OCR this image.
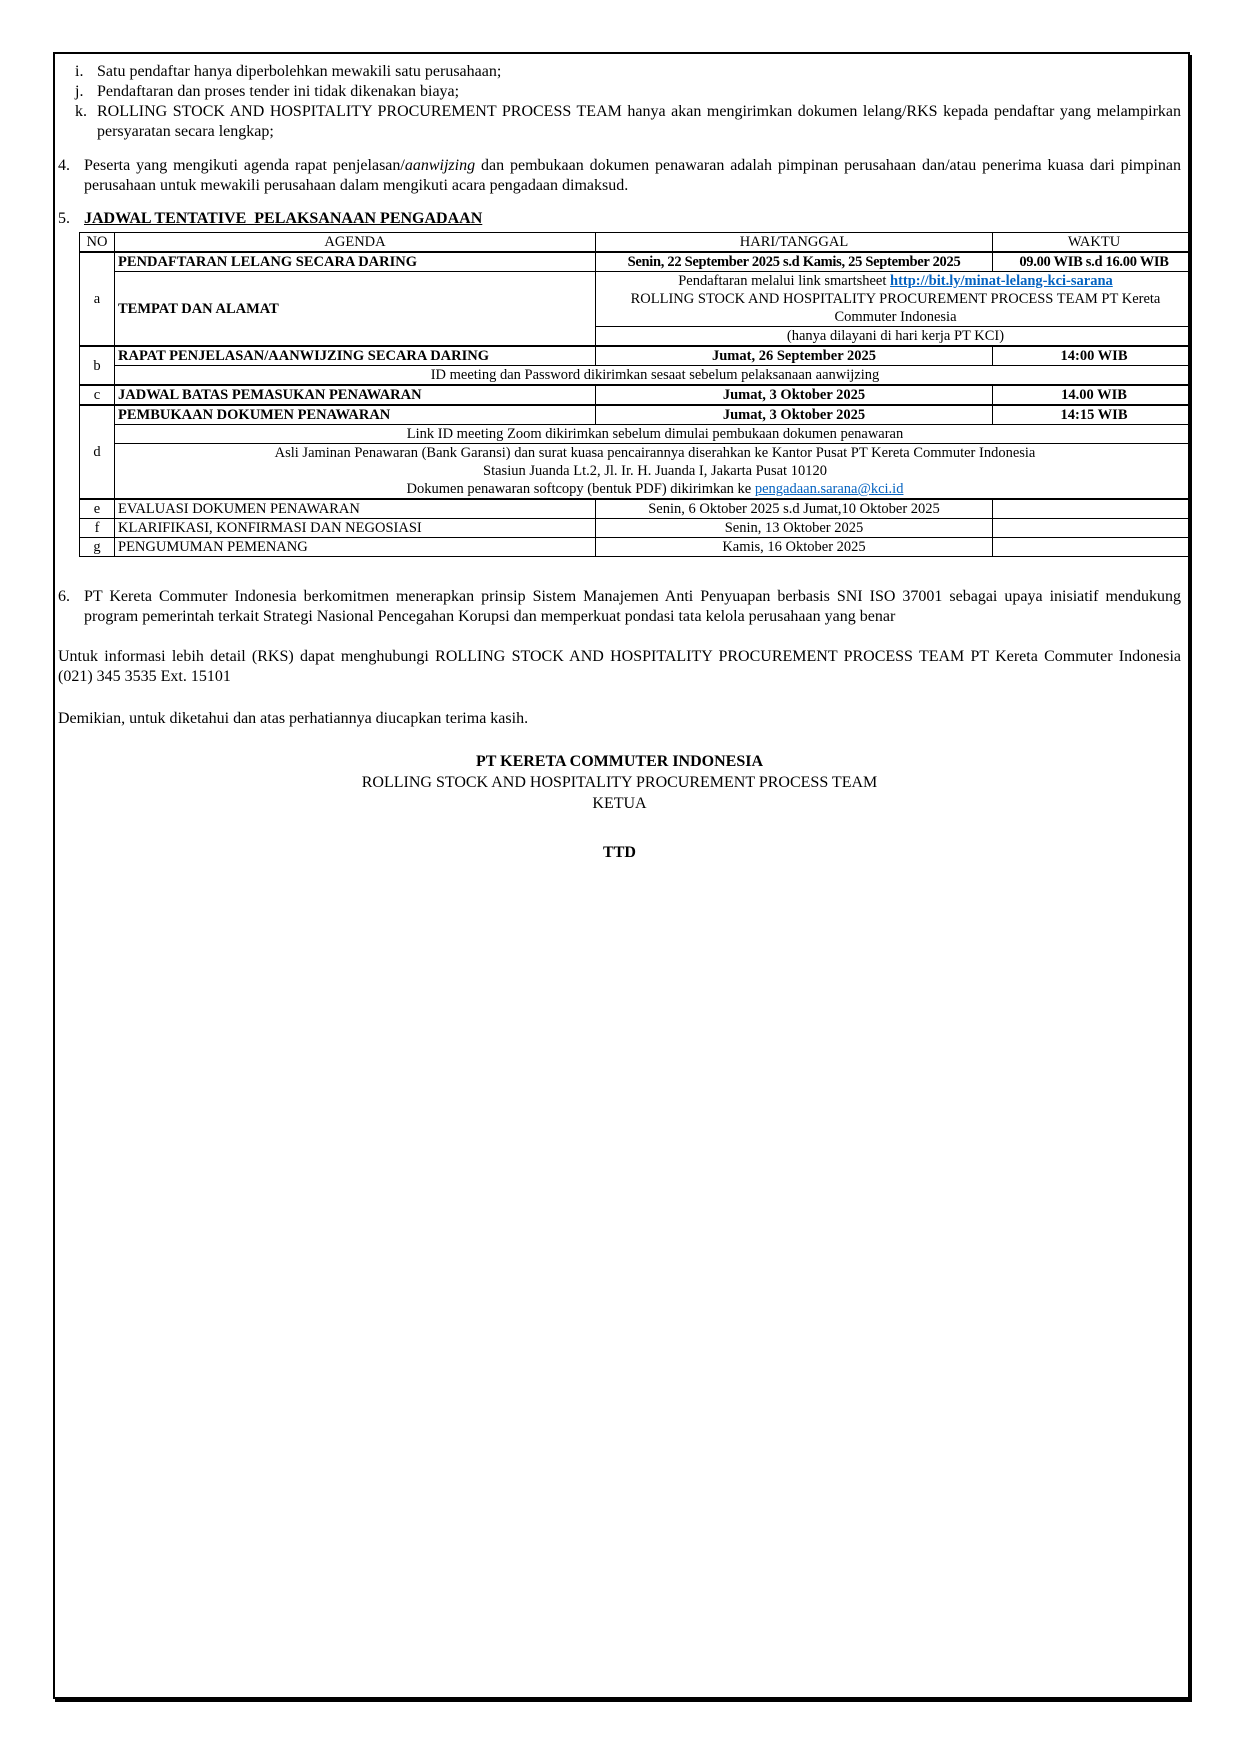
i. Satu pendaftar hanya diperbolehkan mewakili satu perusahaan;
j. Pendaftaran dan proses tender ini tidak dikenakan biaya;
k. ROLLING STOCK AND HOSPITALITY PROCUREMENT PROCESS TEAM hanya akan mengirimkan dokumen lelang/RKS kepada pendaftar yang melampirkan persyaratan secara lengkap;
4. Peserta yang mengikuti agenda rapat penjelasan/aanwijzing dan pembukaan dokumen penawaran adalah pimpinan perusahaan dan/atau penerima kuasa dari pimpinan perusahaan untuk mewakili perusahaan dalam mengikuti acara pengadaan dimaksud.
5. JADWAL TENTATIVE  PELAKSANAAN PENGADAAN
NO	AGENDA	HARI/TANGGAL	WAKTU
a	PENDAFTARAN LELANG SECARA DARING	Senin, 22 September 2025 s.d Kamis, 25 September 2025	09.00 WIB s.d 16.00 WIB
	TEMPAT DAN ALAMAT	Pendaftaran melalui link smartsheet http://bit.ly/minat-lelang-kci-sarana
ROLLING STOCK AND HOSPITALITY PROCUREMENT PROCESS TEAM PT Kereta Commuter Indonesia	

		(hanya dilayani di hari kerja PT KCI)	
b	RAPAT PENJELASAN/AANWIJZING SECARA DARING	Jumat, 26 September 2025	14:00 WIB
	ID meeting dan Password dikirimkan sesaat sebelum pelaksanaan aanwijzing		
c	JADWAL BATAS PEMASUKAN PENAWARAN	Jumat, 3 Oktober 2025	14.00 WIB
d	PEMBUKAAN DOKUMEN PENAWARAN	Jumat, 3 Oktober 2025	14:15 WIB
	Link ID meeting Zoom dikirimkan sebelum dimulai pembukaan dokumen penawaran		

	Asli Jaminan Penawaran (Bank Garansi) dan surat kuasa pencairannya diserahkan ke Kantor Pusat PT Kereta Commuter Indonesia
Stasiun Juanda Lt.2, Jl. Ir. H. Juanda I, Jakarta Pusat 10120
Dokumen penawaran softcopy (bentuk PDF) dikirimkan ke pengadaan.sarana@kci.id		

e	EVALUASI DOKUMEN PENAWARAN	Senin, 6 Oktober 2025 s.d Jumat,10 Oktober 2025	
f	KLARIFIKASI, KONFIRMASI DAN NEGOSIASI	Senin, 13 Oktober 2025	
g	PENGUMUMAN PEMENANG	Kamis, 16 Oktober 2025	
6. PT Kereta Commuter Indonesia berkomitmen menerapkan prinsip Sistem Manajemen Anti Penyuapan berbasis SNI ISO 37001 sebagai upaya inisiatif mendukung program pemerintah terkait Strategi Nasional Pencegahan Korupsi dan memperkuat pondasi tata kelola perusahaan yang benar
Untuk informasi lebih detail (RKS) dapat menghubungi ROLLING STOCK AND HOSPITALITY PROCUREMENT PROCESS TEAM PT Kereta Commuter Indonesia (021) 345 3535 Ext. 15101
Demikian, untuk diketahui dan atas perhatiannya diucapkan terima kasih.
PT KERETA COMMUTER INDONESIA
ROLLING STOCK AND HOSPITALITY PROCUREMENT PROCESS TEAM
KETUA
TTD
